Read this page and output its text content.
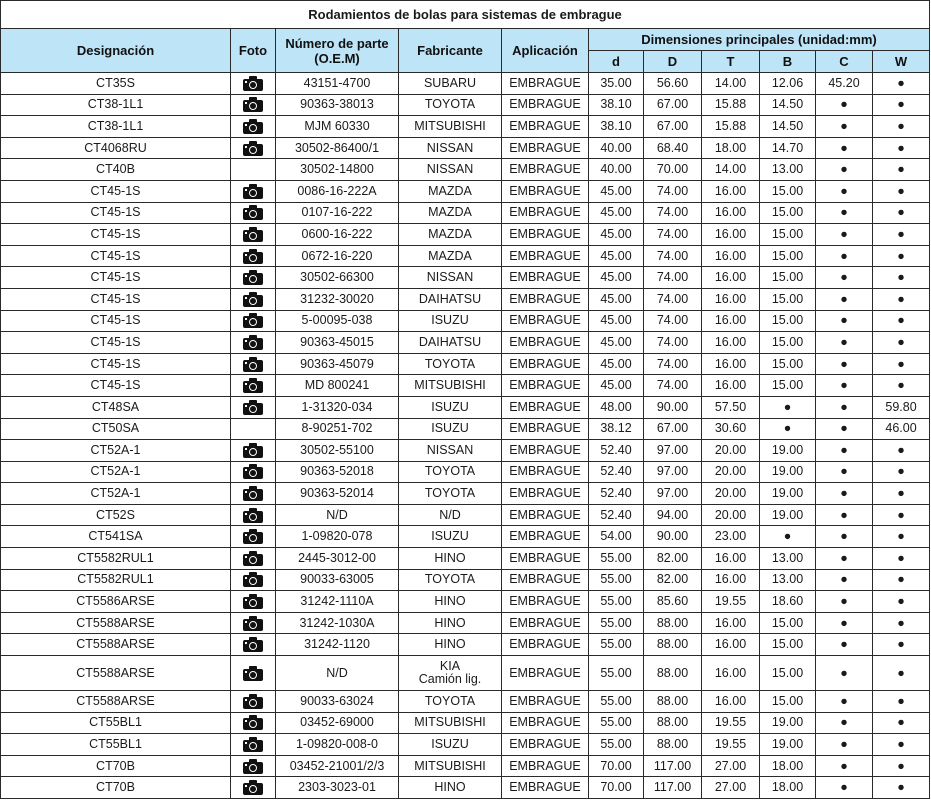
Rodamientos de bolas para sistemas de embrague										
Designación	Foto	Número de parte
(O.E.M)	Fabricante	Aplicación	Dimensiones principales (unidad:mm)					
					d	D	T	B	C	W
CT35S		43151-4700	SUBARU	EMBRAGUE	35.00	56.60	14.00	12.06	45.20	●
CT38-1L1		90363-38013	TOYOTA	EMBRAGUE	38.10	67.00	15.88	14.50	●	●
CT38-1L1		MJM 60330	MITSUBISHI	EMBRAGUE	38.10	67.00	15.88	14.50	●	●
CT4068RU		30502-86400/1	NISSAN	EMBRAGUE	40.00	68.40	18.00	14.70	●	●
CT40B		30502-14800	NISSAN	EMBRAGUE	40.00	70.00	14.00	13.00	●	●
CT45-1S		0086-16-222A	MAZDA	EMBRAGUE	45.00	74.00	16.00	15.00	●	●
CT45-1S		0107-16-222	MAZDA	EMBRAGUE	45.00	74.00	16.00	15.00	●	●
CT45-1S		0600-16-222	MAZDA	EMBRAGUE	45.00	74.00	16.00	15.00	●	●
CT45-1S		0672-16-220	MAZDA	EMBRAGUE	45.00	74.00	16.00	15.00	●	●
CT45-1S		30502-66300	NISSAN	EMBRAGUE	45.00	74.00	16.00	15.00	●	●
CT45-1S		31232-30020	DAIHATSU	EMBRAGUE	45.00	74.00	16.00	15.00	●	●
CT45-1S		5-00095-038	ISUZU	EMBRAGUE	45.00	74.00	16.00	15.00	●	●
CT45-1S		90363-45015	DAIHATSU	EMBRAGUE	45.00	74.00	16.00	15.00	●	●
CT45-1S		90363-45079	TOYOTA	EMBRAGUE	45.00	74.00	16.00	15.00	●	●
CT45-1S		MD 800241	MITSUBISHI	EMBRAGUE	45.00	74.00	16.00	15.00	●	●
CT48SA		1-31320-034	ISUZU	EMBRAGUE	48.00	90.00	57.50	●	●	59.80
CT50SA		8-90251-702	ISUZU	EMBRAGUE	38.12	67.00	30.60	●	●	46.00
CT52A-1		30502-55100	NISSAN	EMBRAGUE	52.40	97.00	20.00	19.00	●	●
CT52A-1		90363-52018	TOYOTA	EMBRAGUE	52.40	97.00	20.00	19.00	●	●
CT52A-1		90363-52014	TOYOTA	EMBRAGUE	52.40	97.00	20.00	19.00	●	●
CT52S		N/D	N/D	EMBRAGUE	52.40	94.00	20.00	19.00	●	●
CT541SA		1-09820-078	ISUZU	EMBRAGUE	54.00	90.00	23.00	●	●	●
CT5582RUL1		2445-3012-00	HINO	EMBRAGUE	55.00	82.00	16.00	13.00	●	●
CT5582RUL1		90033-63005	TOYOTA	EMBRAGUE	55.00	82.00	16.00	13.00	●	●
CT5586ARSE		31242-1110A	HINO	EMBRAGUE	55.00	85.60	19.55	18.60	●	●
CT5588ARSE		31242-1030A	HINO	EMBRAGUE	55.00	88.00	16.00	15.00	●	●
CT5588ARSE		31242-1120	HINO	EMBRAGUE	55.00	88.00	16.00	15.00	●	●
CT5588ARSE		N/D	KIA
Camión lig.	EMBRAGUE	55.00	88.00	16.00	15.00	●	●
CT5588ARSE		90033-63024	TOYOTA	EMBRAGUE	55.00	88.00	16.00	15.00	●	●
CT55BL1		03452-69000	MITSUBISHI	EMBRAGUE	55.00	88.00	19.55	19.00	●	●
CT55BL1		1-09820-008-0	ISUZU	EMBRAGUE	55.00	88.00	19.55	19.00	●	●
CT70B		03452-21001/2/3	MITSUBISHI	EMBRAGUE	70.00	117.00	27.00	18.00	●	●
CT70B		2303-3023-01	HINO	EMBRAGUE	70.00	117.00	27.00	18.00	●	●
